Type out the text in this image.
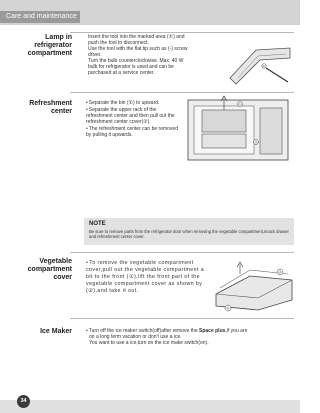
Care and maintenance
Lamp in
refrigerator
compartment
Insert the tool into the marked area (①) and
push the tool to disconnect.
Use the tool with the flat tip such as (-) screw
driver.
Turn the bulb counterclockwise. Max. 40 W
bulb for refrigerator is used and can be
purchased at a service center.
①
Refreshment
center
• Separate the bin (①) to upward.
• Separate the upper rack of the refreshment center and then pull out the refreshment center cover(②).
• The refreshment center can be removed by pulling it upwards.
①
②
NOTE
Be sure to remove parts from the refrigerator door when removing the vegetable compartment,snack drawer and refreshment center cover.
Vegetable
compartment
cover
• To remove the vegetable compartment cover,pull out the vegetable compartment a bit to the front (①),lift the front part of the vegetable compartment cover as shown by (②),and take it out.
②
①
Ice Maker
•	Turn off the ice maker switch(off)after remove the Space plus,if you are
on a long term vacation or don't use a ice.
You want to use a ice,turn on the ice make switch(on).
34
